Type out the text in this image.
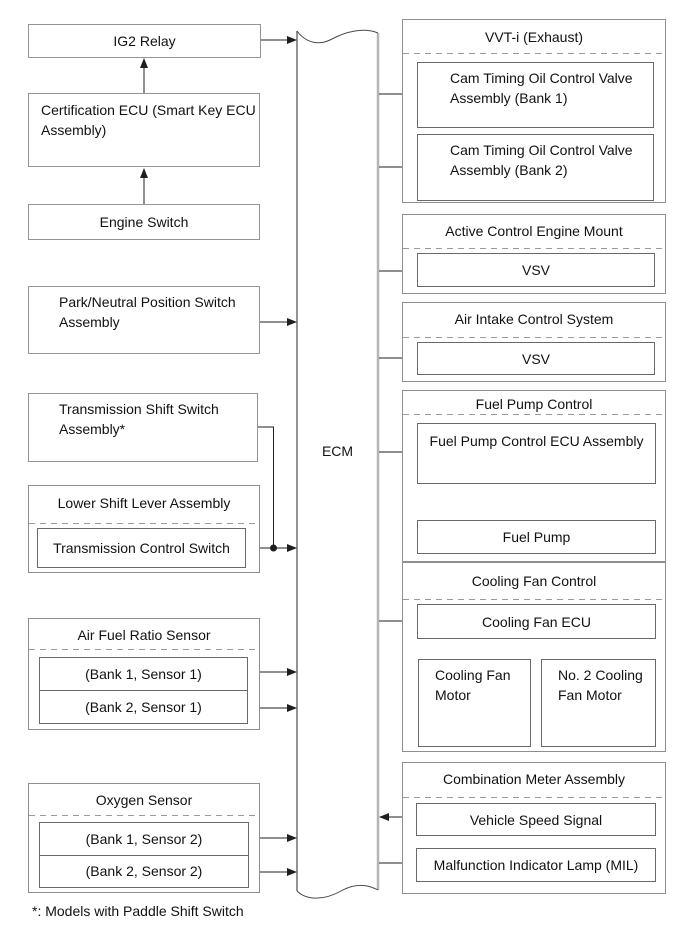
IG2 Relay
Certification ECU (Smart Key ECU Assembly)
Engine Switch
Park/Neutral Position Switch Assembly
Transmission Shift Switch Assembly*
Lower Shift Lever Assembly
Transmission Control Switch
Air Fuel Ratio Sensor
(Bank 1, Sensor 1)
(Bank 2, Sensor 1)
Oxygen Sensor
(Bank 1, Sensor 2)
(Bank 2, Sensor 2)
*: Models with Paddle Shift Switch
ECM
VVT-i (Exhaust)
Cam Timing Oil Control Valve Assembly (Bank 1)
Cam Timing Oil Control Valve Assembly (Bank 2)
Active Control Engine Mount
VSV
Air Intake Control System
VSV
Fuel Pump Control
Fuel Pump Control ECU Assembly
Fuel Pump
Cooling Fan Control
Cooling Fan ECU
Cooling Fan Motor
No. 2 Cooling Fan Motor
Combination Meter Assembly
Vehicle Speed Signal
Malfunction Indicator Lamp (MIL)
